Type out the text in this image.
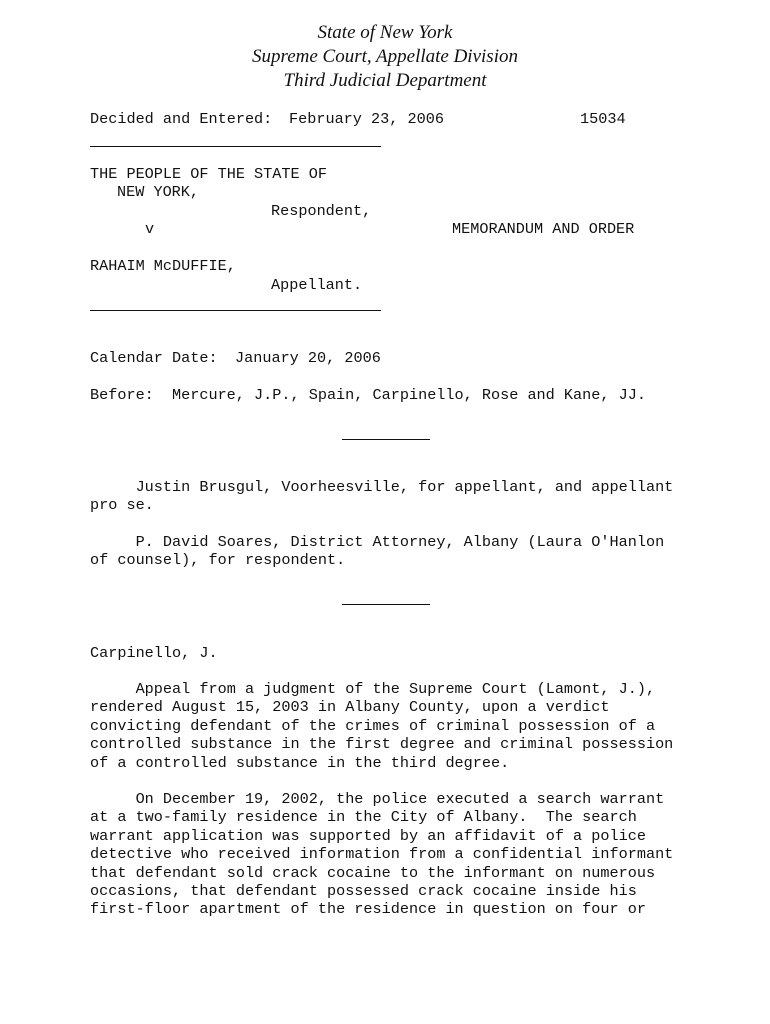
State of New York
Supreme Court, Appellate Division
Third Judicial Department
Decided and Entered: February 23, 2006	15034
THE PEOPLE OF THE STATE OF
NEW YORK,
Respondent,
v	MEMORANDUM AND ORDER
RAHAIM McDUFFIE,
Appellant.
Calendar Date: January 20, 2006
Before: Mercure, J.P., Spain, Carpinello, Rose and Kane, JJ.
Justin Brusgul, Voorheesville, for appellant, and appellant
pro se.
P. David Soares, District Attorney, Albany (Laura O'Hanlon
of counsel), for respondent.
Carpinello, J.
Appeal from a judgment of the Supreme Court (Lamont, J.),
rendered August 15, 2003 in Albany County, upon a verdict
convicting defendant of the crimes of criminal possession of a
controlled substance in the first degree and criminal possession
of a controlled substance in the third degree.
On December 19, 2002, the police executed a search warrant
at a two-family residence in the City of Albany.  The search
warrant application was supported by an affidavit of a police
detective who received information from a confidential informant
that defendant sold crack cocaine to the informant on numerous
occasions, that defendant possessed crack cocaine inside his
first-floor apartment of the residence in question on four or
